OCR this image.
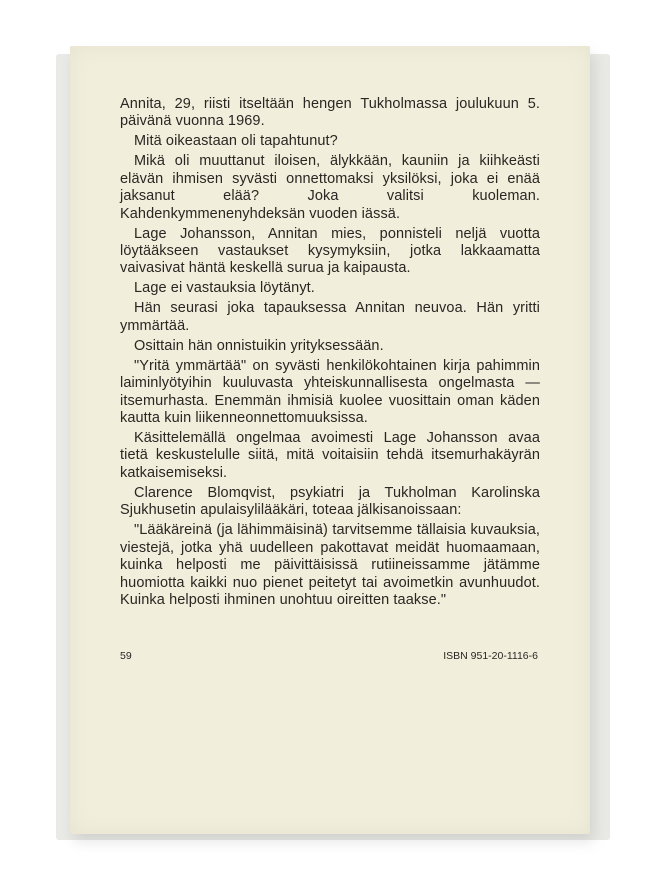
Annita, 29, riisti itseltään hengen Tukholmassa joulukuun 5. päivänä vuonna 1969.

Mitä oikeastaan oli tapahtunut?

Mikä oli muuttanut iloisen, älykkään, kauniin ja kiihkeästi elävän ihmisen syvästi onnettomaksi yksilöksi, joka ei enää jaksanut elää? Joka valitsi kuoleman. Kahdenkymmenenyhdeksän vuoden iässä.

Lage Johansson, Annitan mies, ponnisteli neljä vuotta löytääkseen vastaukset kysymyksiin, jotka lakkaamatta vaivasivat häntä keskellä surua ja kaipausta.

Lage ei vastauksia löytänyt.

Hän seurasi joka tapauksessa Annitan neuvoa. Hän yritti ymmärtää.

Osittain hän onnistuikin yrityksessään.

"Yritä ymmärtää" on syvästi henkilökohtainen kirja pahimmin laiminlyötyihin kuuluvasta yhteiskunnallisesta ongelmasta — itsemurhasta. Enemmän ihmisiä kuolee vuosittain oman käden kautta kuin liikenneonnettomuuksissa.

Käsittelemällä ongelmaa avoimesti Lage Johansson avaa tietä keskustelulle siitä, mitä voitaisiin tehdä itsemurhakäyrän katkaisemiseksi.

Clarence Blomqvist, psykiatri ja Tukholman Karolinska Sjukhusetin apulaisylilääkäri, toteaa jälkisanoissaan:

"Lääkäreinä (ja lähimmäisinä) tarvitsemme tällaisia kuvauksia, viestejä, jotka yhä uudelleen pakottavat meidät huomaamaan, kuinka helposti me päivittäisissä rutiineissamme jätämme huomiotta kaikki nuo pienet peitetyt tai avoimetkin avunhuudot. Kuinka helposti ihminen unohtuu oireitten taakse."

59	ISBN 951-20-1116-6
